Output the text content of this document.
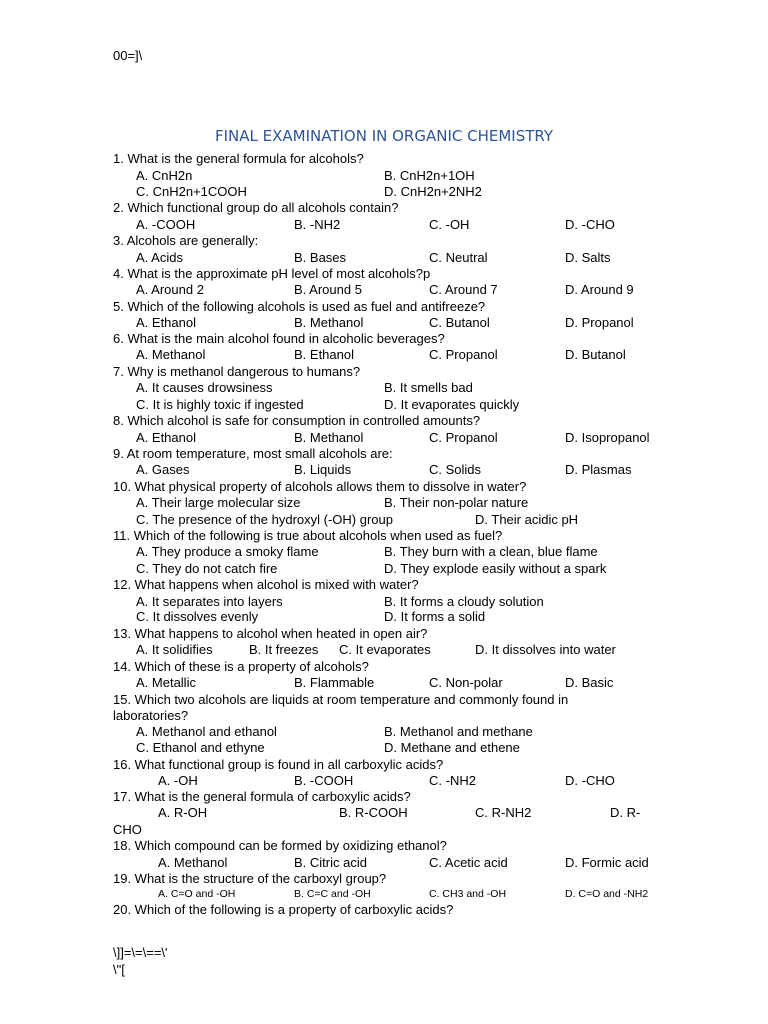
00=]\
FINAL EXAMINATION IN ORGANIC CHEMISTRY
1. What is the general formula for alcohols?
A. CnH2n	B. CnH2n+1OH
C. CnH2n+1COOH	D. CnH2n+2NH2
2. Which functional group do all alcohols contain?
A. -COOH	B. -NH2	C. -OH	D. -CHO
3. Alcohols are generally:
A. Acids	B. Bases	C. Neutral	D. Salts
4. What is the approximate pH level of most alcohols?p
A. Around 2	B. Around 5	C. Around 7	D. Around 9
5. Which of the following alcohols is used as fuel and antifreeze?
A. Ethanol	B. Methanol	C. Butanol	D. Propanol
6. What is the main alcohol found in alcoholic beverages?
A. Methanol	B. Ethanol	C. Propanol	D. Butanol
7. Why is methanol dangerous to humans?
A. It causes drowsiness	B. It smells bad
C. It is highly toxic if ingested	D. It evaporates quickly
8. Which alcohol is safe for consumption in controlled amounts?
A. Ethanol	B. Methanol	C. Propanol	D. Isopropanol
9. At room temperature, most small alcohols are:
A. Gases	B. Liquids	C. Solids	D. Plasmas
10. What physical property of alcohols allows them to dissolve in water?
A. Their large molecular size	B. Their non-polar nature
C. The presence of the hydroxyl (-OH) group	D. Their acidic pH
11. Which of the following is true about alcohols when used as fuel?
A. They produce a smoky flame	B. They burn with a clean, blue flame
C. They do not catch fire	D. They explode easily without a spark
12. What happens when alcohol is mixed with water?
A. It separates into layers	B. It forms a cloudy solution
C. It dissolves evenly	D. It forms a solid
13. What happens to alcohol when heated in open air?
A. It solidifies	B. It freezes C. It evaporates	D. It dissolves into water
14. Which of these is a property of alcohols?
A. Metallic	B. Flammable	C. Non-polar	D. Basic
15. Which two alcohols are liquids at room temperature and commonly found in
laboratories?
A. Methanol and ethanol	B. Methanol and methane
C. Ethanol and ethyne	D. Methane and ethene
16. What functional group is found in all carboxylic acids?
A. -OH	B. -COOH	C. -NH2	D. -CHO
17. What is the general formula of carboxylic acids?
A. R-OH	B. R-COOH	C. R-NH2	D. R-
CHO
18. Which compound can be formed by oxidizing ethanol?
A. Methanol	B. Citric acid	C. Acetic acid	D. Formic acid
19. What is the structure of the carboxyl group?
A. C=O and -OH	B. C=C and -OH	C. CH3 and -OH	D. C=O and -NH2
20. Which of the following is a property of carboxylic acids?
\]]=\=\==\'
\"[
